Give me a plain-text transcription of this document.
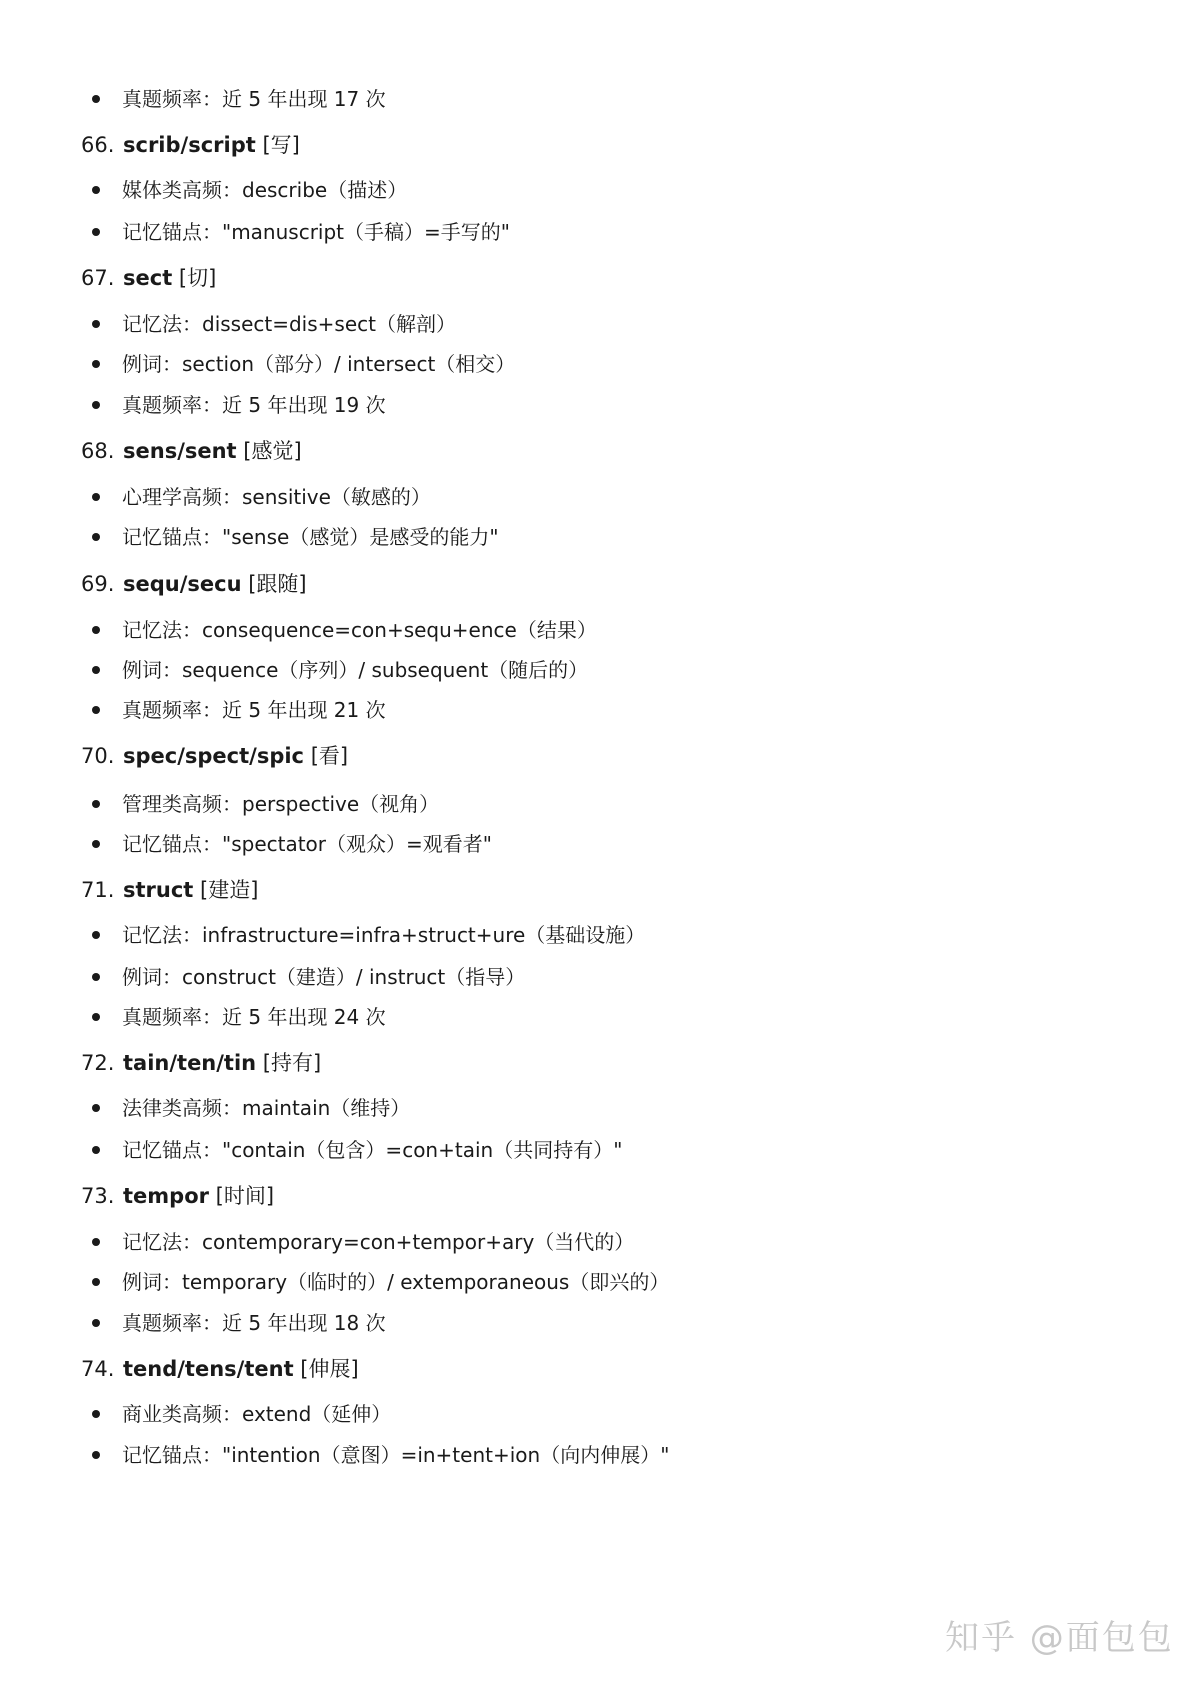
真题频率：近 5 年出现 17 次
66. scrib/script [写]
媒体类高频：describe（描述）
记忆锚点："manuscript（手稿）=手写的"
67. sect [切]
记忆法：dissect=dis+sect（解剖）
例词：section（部分）/ intersect（相交）
真题频率：近 5 年出现 19 次
68. sens/sent [感觉]
心理学高频：sensitive（敏感的）
记忆锚点："sense（感觉）是感受的能力"
69. sequ/secu [跟随]
记忆法：consequence=con+sequ+ence（结果）
例词：sequence（序列）/ subsequent（随后的）
真题频率：近 5 年出现 21 次
70. spec/spect/spic [看]
管理类高频：perspective（视角）
记忆锚点："spectator（观众）=观看者"
71. struct [建造]
记忆法：infrastructure=infra+struct+ure（基础设施）
例词：construct（建造）/ instruct（指导）
真题频率：近 5 年出现 24 次
72. tain/ten/tin [持有]
法律类高频：maintain（维持）
记忆锚点："contain（包含）=con+tain（共同持有）"
73. tempor [时间]
记忆法：contemporary=con+tempor+ary（当代的）
例词：temporary（临时的）/ extemporaneous（即兴的）
真题频率：近 5 年出现 18 次
74. tend/tens/tent [伸展]
商业类高频：extend（延伸）
记忆锚点："intention（意图）=in+tent+ion（向内伸展）"
知乎 @面包包
